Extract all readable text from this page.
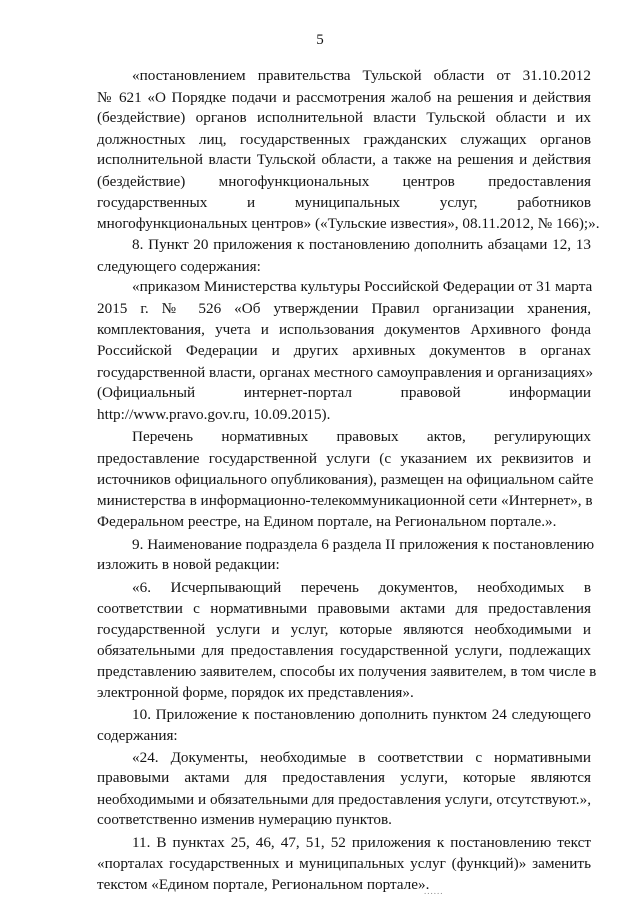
5
«постановлением правительства Тульской области от 31.10.2012
№ 621 «О Порядке подачи и рассмотрения жалоб на решения и действия
(бездействие) органов исполнительной власти Тульской области и их
должностных лиц, государственных гражданских служащих органов
исполнительной власти Тульской области, а также на решения и действия
(бездействие) многофункциональных центров предоставления
государственных и муниципальных услуг, работников
многофункциональных центров» («Тульские известия», 08.11.2012, № 166);».
8. Пункт 20 приложения к постановлению дополнить абзацами 12, 13
следующего содержания:
«приказом Министерства культуры Российской Федерации от 31 марта
2015 г. № 526 «Об утверждении Правил организации хранения,
комплектования, учета и использования документов Архивного фонда
Российской Федерации и других архивных документов в органах
государственной власти, органах местного самоуправления и организациях»
(Официальный интернет-портал правовой информации
http://www.pravo.gov.ru, 10.09.2015).
Перечень нормативных правовых актов, регулирующих
предоставление государственной услуги (с указанием их реквизитов и
источников официального опубликования), размещен на официальном сайте
министерства в информационно-телекоммуникационной сети «Интернет», в
Федеральном реестре, на Едином портале, на Региональном портале.».
9. Наименование подраздела 6 раздела II приложения к постановлению
изложить в новой редакции:
«6. Исчерпывающий перечень документов, необходимых в
соответствии с нормативными правовыми актами для предоставления
государственной услуги и услуг, которые являются необходимыми и
обязательными для предоставления государственной услуги, подлежащих
представлению заявителем, способы их получения заявителем, в том числе в
электронной форме, порядок их представления».
10. Приложение к постановлению дополнить пунктом 24 следующего
содержания:
«24. Документы, необходимые в соответствии с нормативными
правовыми актами для предоставления услуги, которые являются
необходимыми и обязательными для предоставления услуги, отсутствуют.»,
соответственно изменив нумерацию пунктов.
11. В пунктах 25, 46, 47, 51, 52 приложения к постановлению текст
«порталах государственных и муниципальных услуг (функций)» заменить
текстом «Едином портале, Региональном портале».
......
